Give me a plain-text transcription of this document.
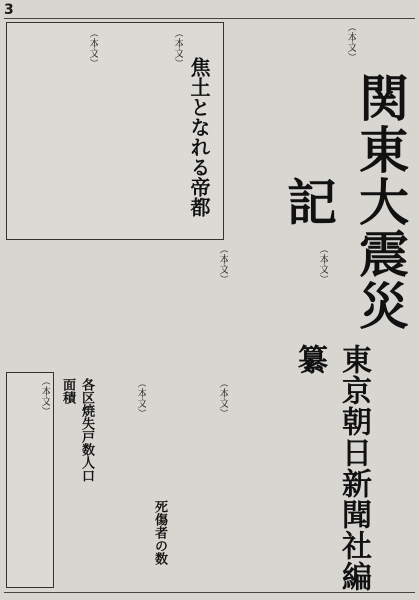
3
関東大震災記
東京朝日新聞社編纂
（本文）
焦土となれる帝都
（本文）
（本文）
（本文）	（本文）
各区焼失戸数人口面積
（本文）	（本文）
死傷者の数
（本文）
